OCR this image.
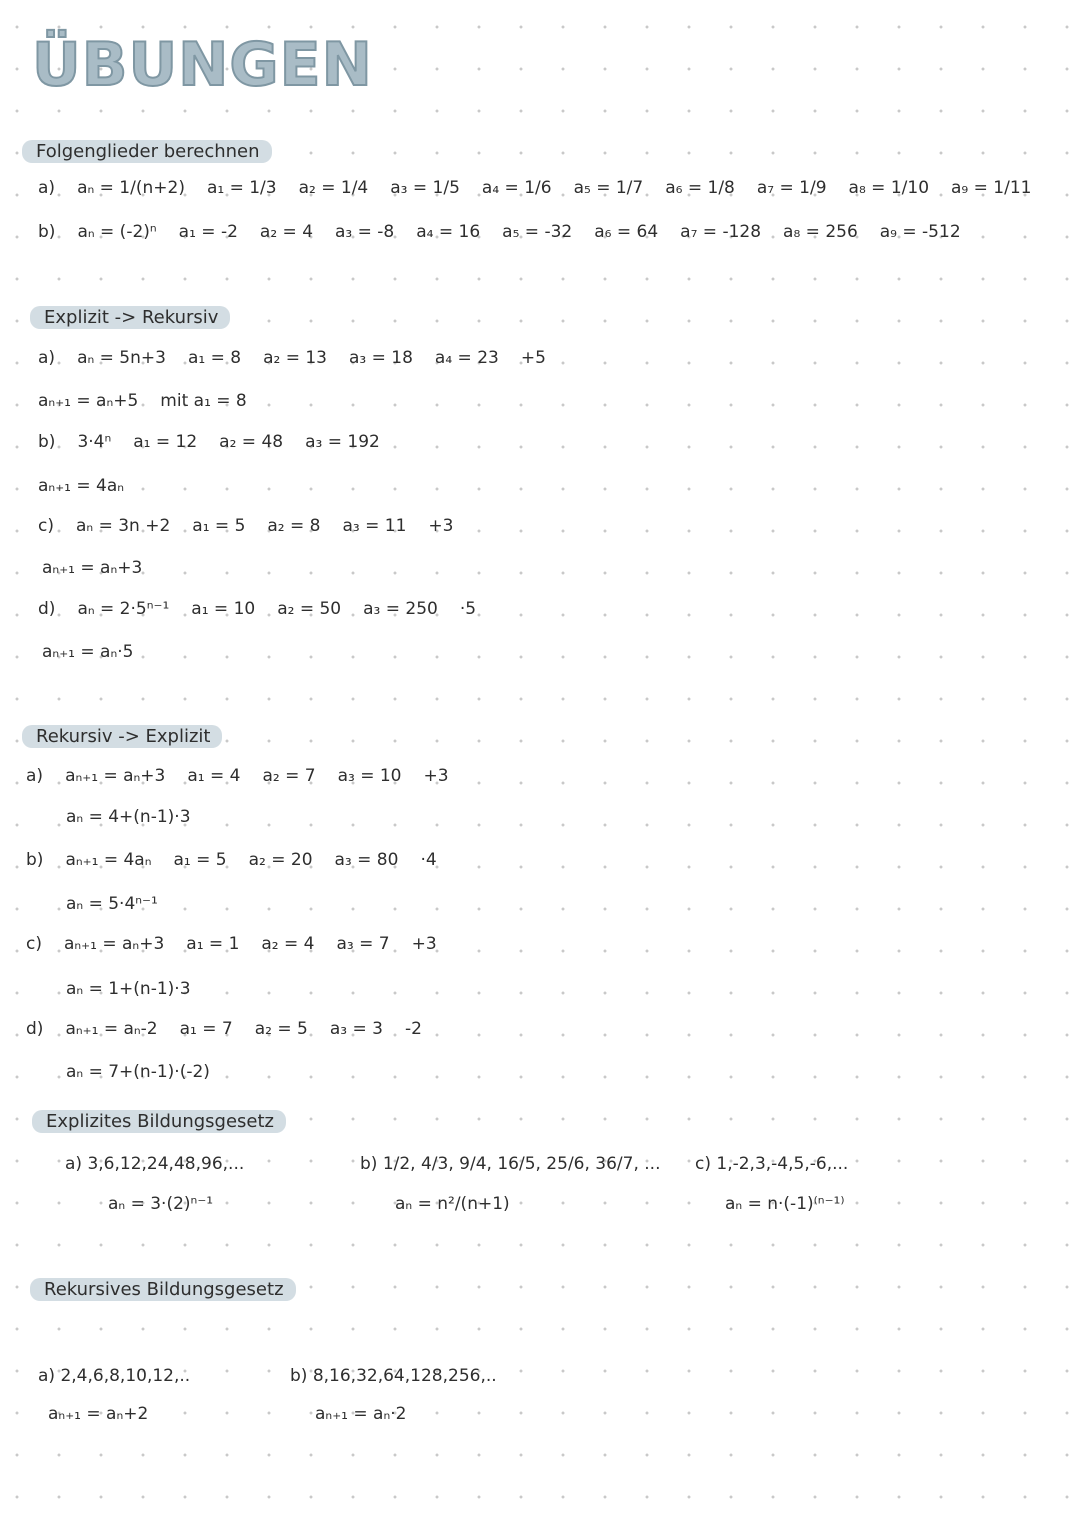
ÜBUNGEN
Folgenglieder berechnen
a) aₙ = 1/(n+2) a₁ = 1/3 a₂ = 1/4 a₃ = 1/5 a₄ = 1/6 a₅ = 1/7 a₆ = 1/8 a₇ = 1/9 a₈ = 1/10 a₉ = 1/11
b) aₙ = (-2)ⁿ a₁ = -2 a₂ = 4 a₃ = -8 a₄ = 16 a₅ = -32 a₆ = 64 a₇ = -128 a₈ = 256 a₉ = -512
Explizit -> Rekursiv
a) aₙ = 5n+3 a₁ = 8 a₂ = 13 a₃ = 18 a₄ = 23 +5
aₙ₊₁ = aₙ+5 mit a₁ = 8
b) 3·4ⁿ a₁ = 12 a₂ = 48 a₃ = 192
aₙ₊₁ = 4aₙ
c) aₙ = 3n +2 a₁ = 5 a₂ = 8 a₃ = 11 +3
aₙ₊₁ = aₙ+3
d) aₙ = 2·5ⁿ⁻¹ a₁ = 10 a₂ = 50 a₃ = 250 ·5
aₙ₊₁ = aₙ·5
Rekursiv -> Explizit
a) aₙ₊₁ = aₙ+3 a₁ = 4 a₂ = 7 a₃ = 10 +3
aₙ = 4+(n-1)·3
b) aₙ₊₁ = 4aₙ a₁ = 5 a₂ = 20 a₃ = 80 ·4
aₙ = 5·4ⁿ⁻¹
c) aₙ₊₁ = aₙ+3 a₁ = 1 a₂ = 4 a₃ = 7 +3
aₙ = 1+(n-1)·3
d) aₙ₊₁ = aₙ-2 a₁ = 7 a₂ = 5 a₃ = 3 -2
aₙ = 7+(n-1)·(-2)
Explizites Bildungsgesetz
a) 3,6,12,24,48,96,...	b) 1/2, 4/3, 9/4, 16/5, 25/6, 36/7, ... c) 1,-2,3,-4,5,-6,...
aₙ = 3·(2)ⁿ⁻¹	aₙ = n²/(n+1)	aₙ = n·(-1)⁽ⁿ⁻¹⁾
Rekursives Bildungsgesetz
a) 2,4,6,8,10,12,..	b) 8,16,32,64,128,256,..
aₙ₊₁ = aₙ+2	aₙ₊₁ = aₙ·2
